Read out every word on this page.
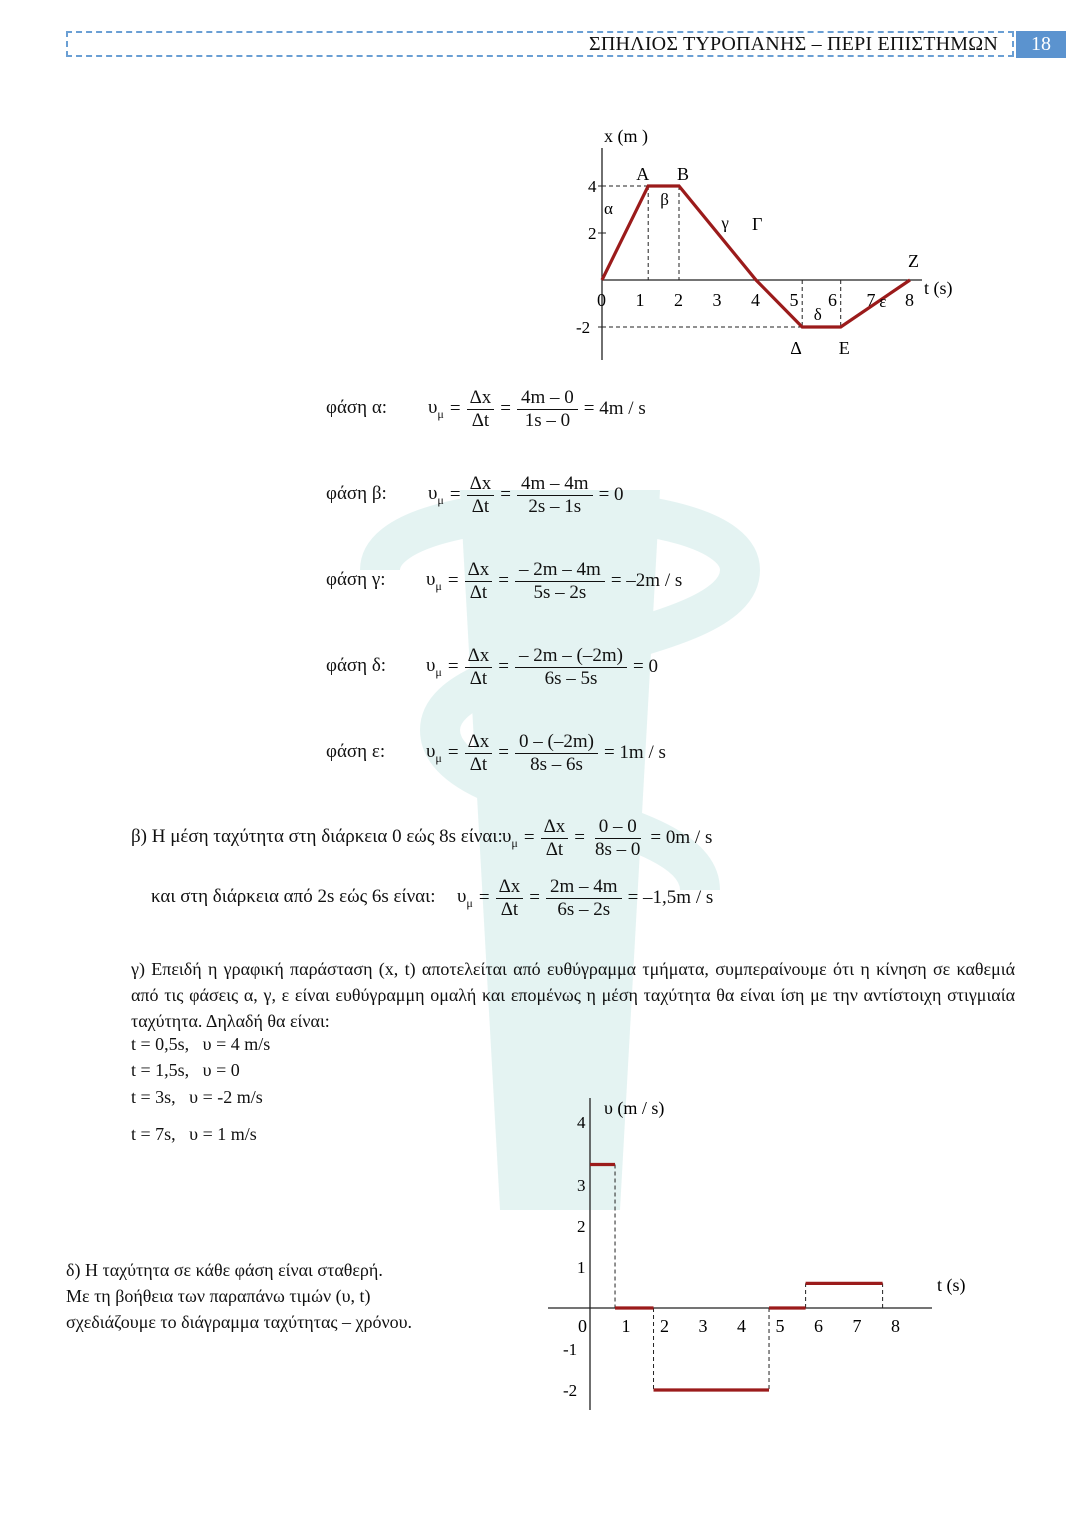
ΣΠΗΛΙΟΣ ΤΥΡΟΠΑΝΗΣ – ΠΕΡΙ ΕΠΙΣΤΗΜΩΝ	18
0 1 2 3 4 5 6 7 8
4
2
-2
Α Β
Γ
Δ Ε
Ζ
α	β
γ
δ
ε
x (m )
t (s)
0 1 2 3 4 5 6 7 8
4
3
2
1
-1
-2
υ (m / s)
t (s)
φάση α: $\upsilon_\mu = \frac{\Delta x}{\Delta t} = \frac{4m - 0}{1s - 0} = 4m / s$
φάση β: $\upsilon_\mu = \frac{\Delta x}{\Delta t} = \frac{4m - 4m}{2s - 1s} = 0$
φάση γ: $\upsilon_\mu = \frac{\Delta x}{\Delta t} = \frac{- 2m - 4m}{5s - 2s} = -2m / s$
φάση δ: $\upsilon_\mu = \frac{\Delta x}{\Delta t} = \frac{- 2m - (-2m)}{6s - 5s} = 0$
φάση ε: $\upsilon_\mu = \frac{\Delta x}{\Delta t} = \frac{0 - (-2m)}{8s - 6s} = 1m / s$
β) Η μέση ταχύτητα στη διάρκεια 0 εώς 8s είναι: $\upsilon_\mu = \frac{\Delta x}{\Delta t} = \frac{0 - 0}{8s - 0} = 0m / s$
και στη διάρκεια από 2s εώς 6s είναι: $\upsilon_\mu = \frac{\Delta x}{\Delta t} = \frac{2m - 4m}{6s - 2s} = -1,5m / s$
γ) Επειδή η γραφική παράσταση (x, t) αποτελείται από ευθύγραμμα τμήματα, συμπεραίνουμε ότι η κίνηση σε καθεμιά από τις φάσεις α, γ, ε είναι ευθύγραμμη ομαλή και επομένως η μέση ταχύτητα θα είναι ίση με την αντίστοιχη στιγμιαία ταχύτητα. Δηλαδή θα είναι:
t = 0,5s,   υ = 4 m/s
t = 1,5s,   υ = 0
t = 3s,   υ = -2 m/s
t = 7s,   υ = 1 m/s
δ) Η ταχύτητα σε κάθε φάση είναι σταθερή.
Με τη βοήθεια των παραπάνω τιμών (υ, t)
σχεδιάζουμε το διάγραμμα ταχύτητας – χρόνου.
